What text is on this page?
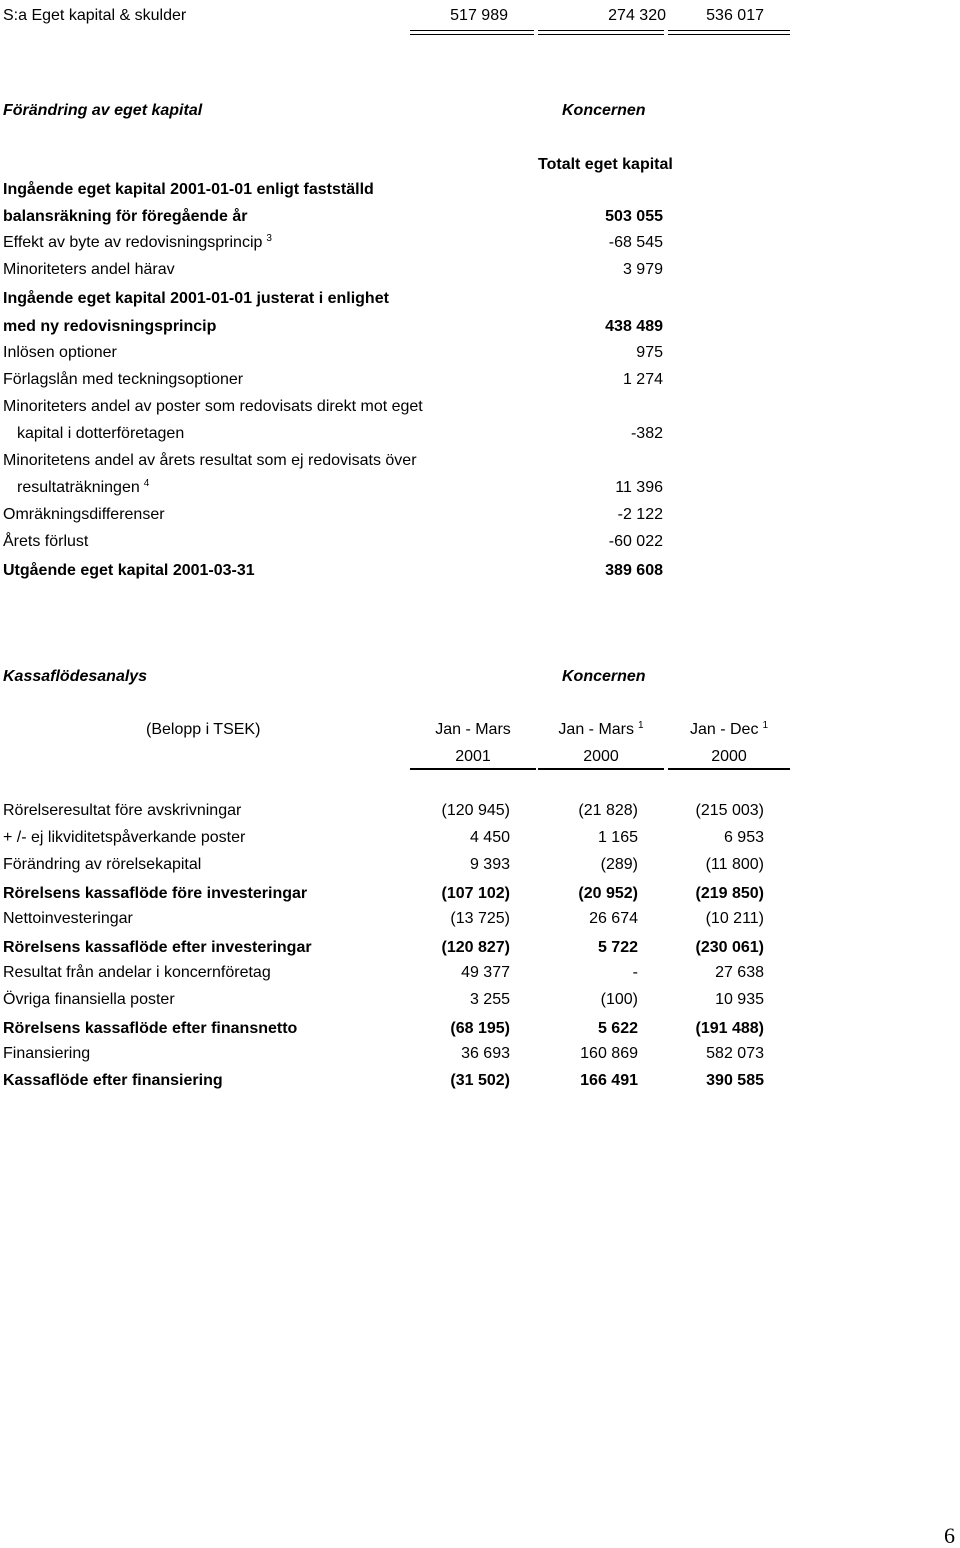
S:a Eget kapital & skulder	517 989	274 320	536 017
Förändring av eget kapital	Koncernen
Totalt eget kapital
Ingående eget kapital 2001-01-01 enligt fastställd
balansräkning för föregående år	503 055
Effekt av byte av redovisningsprincip $^3$	-68 545
Minoriteters andel härav	3 979
Ingående eget kapital 2001-01-01 justerat i enlighet
med ny redovisningsprincip	438 489
Inlösen optioner	975
Förlagslån med teckningsoptioner	1 274
Minoriteters andel av poster som redovisats direkt mot eget
kapital i dotterföretagen	-382
Minoritetens andel av årets resultat som ej redovisats över
resultaträkningen $^4$	11 396
Omräkningsdifferenser	-2 122
Årets förlust	-60 022
Utgående eget kapital 2001-03-31	389 608
Kassaflödesanalys	Koncernen
(Belopp i TSEK)	Jan - Mars	Jan - Mars $^1$	Jan - Dec $^1$
2001	2000	2000
Rörelseresultat före avskrivningar	(120 945)	(21 828)	(215 003)
+ /- ej likviditetspåverkande poster	4 450	1 165	6 953
Förändring av rörelsekapital	9 393	(289)	(11 800)
Rörelsens kassaflöde före investeringar	(107 102)	(20 952)	(219 850)
Nettoinvesteringar	(13 725)	26 674	(10 211)
Rörelsens kassaflöde efter investeringar	(120 827)	5 722	(230 061)
Resultat från andelar i koncernföretag	49 377	-	27 638
Övriga finansiella poster	3 255	(100)	10 935
Rörelsens kassaflöde efter finansnetto	(68 195)	5 622	(191 488)
Finansiering	36 693	160 869	582 073
Kassaflöde efter finansiering	(31 502)	166 491	390 585
6
